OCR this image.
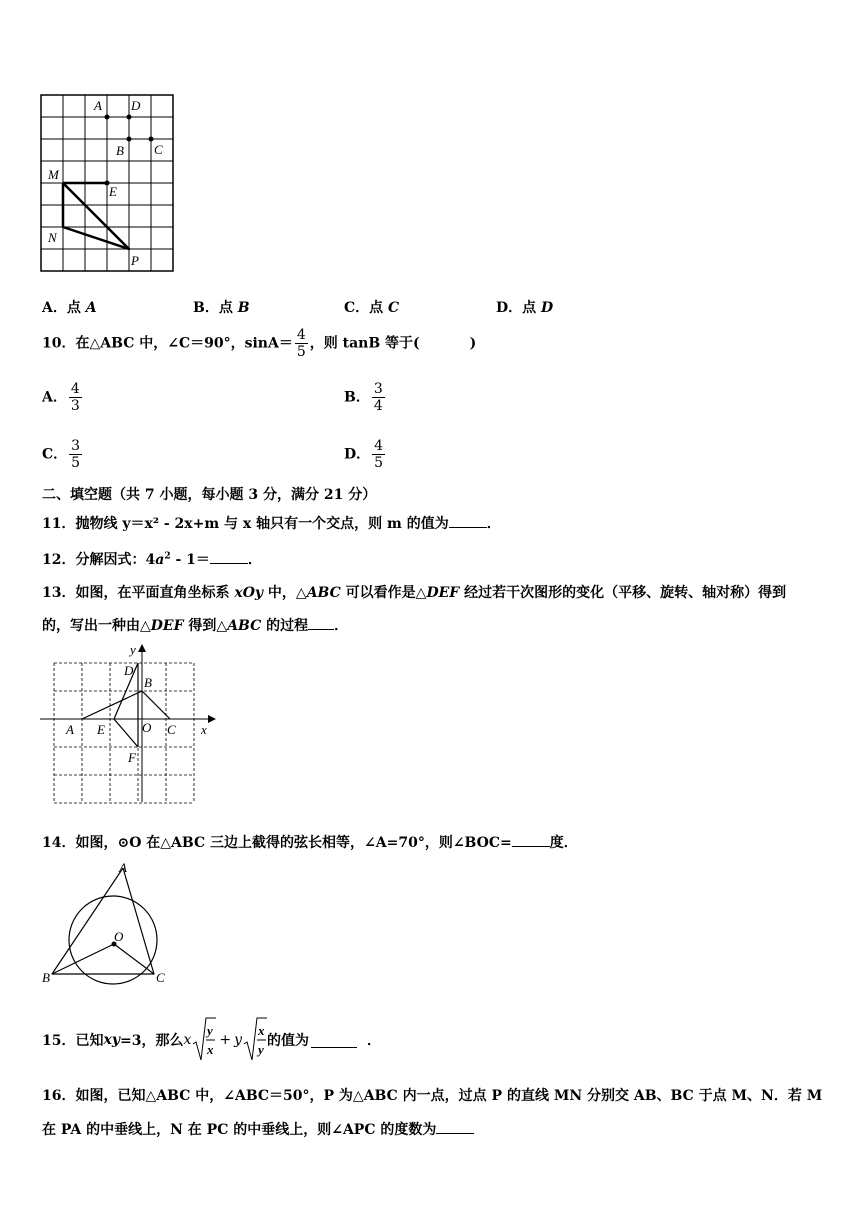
A D
B C
M
E
N
P
A．点 A	B．点 B	C．点 C	D．点 D
10．在△ABC 中，∠C＝90°，$\sin A= \frac{4}{5}$ ，则 tanB 等于(	)
A． $\frac{4}{3}$	B． $\frac{3}{4}$
C． $\frac{3}{5}$	D． $\frac{4}{5}$
二、填空题（共 7 小题，每小题 3 分，满分 21 分）
11．抛物线 y＝x² - 2x+m 与 x 轴只有一个交点，则 m 的值为	．
12．分解因式：$4a^2 - 1=$	．
13．如图，在平面直角坐标系 xOy 中，△ABC 可以看作是△DEF 经过若干次图形的变化（平移、旋转、轴对称）得到
的，写出一种由△DEF 得到△ABC 的过程 ．
y
x
D
B
A E	O C
F
14．如图，⊙O 在△ABC 三边上截得的弦长相等，∠A=70°，则∠BOC=	度．
A
O
B	C
15．已知 xy =3，那么 x
y
x
+ y
x
y
的值为	．
16．如图，已知△ABC 中，∠ABC＝50°，P 为△ABC 内一点，过点 P 的直线 MN 分别交 AB、BC 于点 M、N．若 M
在 PA 的中垂线上，N 在 PC 的中垂线上，则∠APC 的度数为
